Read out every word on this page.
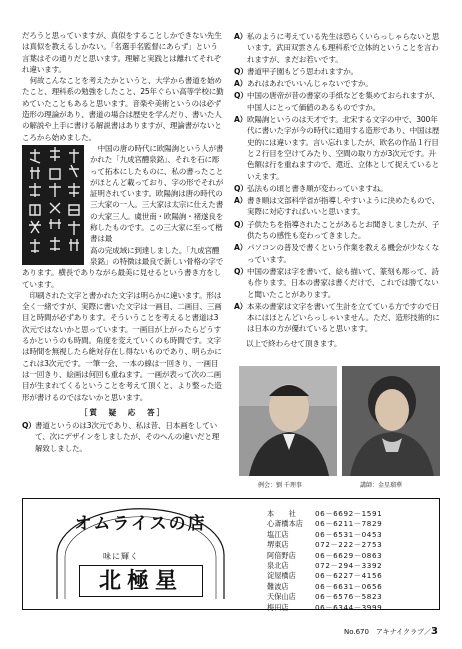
だろうと思っていますが、真似をすることしかできない先生は真似を教えるしかない。「名選手名監督にあらず」という言葉はその通りだと思います。理解と実践とは離れてそれぞれ違います。

何故こんなことを考えたかというと、大学から書道を始めたこと、理科系の勉強をしたこと、25年ぐらい高等学校に勤めていたこともあると思います。音楽や美術というのは必ず造形の理論があり、書道の場合は歴史を学んだり、書いた人の解説や上手に書ける解説書はありますが、理論書がないところから始めました。

中国の唐の時代に欧陽詢という人が書かれた「九成宮醴泉銘」、それを石に彫って拓本にしたものに、私の書ったことがほとんど載っており、字の形でそれが証明されています。欧陽詢は唐の時代の三大家の一人。三大家は太宗に仕えた書の大家三人。虞世南・欧陽詢・褚遂良を称したものです。この三大家に至って楷書は最

高の完成域に到達しました。「九成宮醴泉銘」の特徴は最良で新しい骨格の字であります。横長でありながら最美に見せるという書き方をしています。

印刷された文字と書かれた文字は明らかに違います。形は全く一緒ですが、実際に書いた文字は一画目、二画目、三画目と時間が必ずあります。そういうことを考えると書道は3次元ではないかと思っています。一画目が上がったらどうするかというのも時間。角度を変えていくのも時間です。文字は時間を無視したら絶対存在し得ないものであり、明らかにこれは3次元です。一筆一会、一本の線は一回きり、一画目は一回きり、絵画は何回も重ねます。一画が表って次の二画目が生まれてくるということを考えて頂くと、より整った造形が書けるのではないかと思います。

［質　疑　応　答］
Q） 書道というのは3次元であり、私は昔、日本画をしていて、次にデザインをしましたが、そのへんの違いだと理解致しました。
A） 私のように考えている先生は恐らくいらっしゃらないと思います。武田双雲さんも理科系で立体的ということを言われますが、まだお若いです。
Q） 書道甲子園もどう思われますか。
A） あれはあれでいいんじゃないですか。
Q） 中国の唐帝が昔の書家の手紙などを集めておられますが、中国人にとって価値のあるものですか。
A） 欧陽詢というのは天才です。北宋する文字の中で、300年代に書いた字が今の時代に通用する造形であり、中国は歴史的には違います。言い忘れましたが、欧名の作品１行目と２行目を空けてみたり、空間の取り方が3次元です。升色額は行を重ねますので、還近、立体として捉えているといえます。
Q） 弘法もの頃と書き順が変わっていますね。
A） 書き順は文部科学省が指導しやすいように決めたもので、実際に対応すればいいと思います。
Q） 子供たちを指導されたことがあるとお聞きしましたが、子供たちの感性も変わってきました。
A） パソコンの普及で書くという作業を教える機会が少なくなっています。
Q） 中国の書家は字を書いて、絵も描いて、篆刻も彫って、詩も作ります。日本の書家は書くだけで、これでは勝てないと聞いたことがあります。
A） 本来の書家は文字を書いて生計を立てている方ですので日本にはほとんどいらっしゃいません。ただ、造形技術的には日本の方が優れていると思います。
以上で終わらせて頂きます。
例会：劉 千理事	講師：金星瑠華
オムライスの店
味に輝く
北極星
本　　社	06－6692－1591
心斎橋本店	06－6211－7829
塩江店	06－6531－0453
堺東店	072－222－2753
阿倍野店	06－6629－0863
泉北店	072－294－3392
淀屋橋店	06－6227－4156
難波店	06－6631－0656
天保山店	06－6576－5823
梅田店	06－6344－3999
No.670　アキナイクラブ／3
